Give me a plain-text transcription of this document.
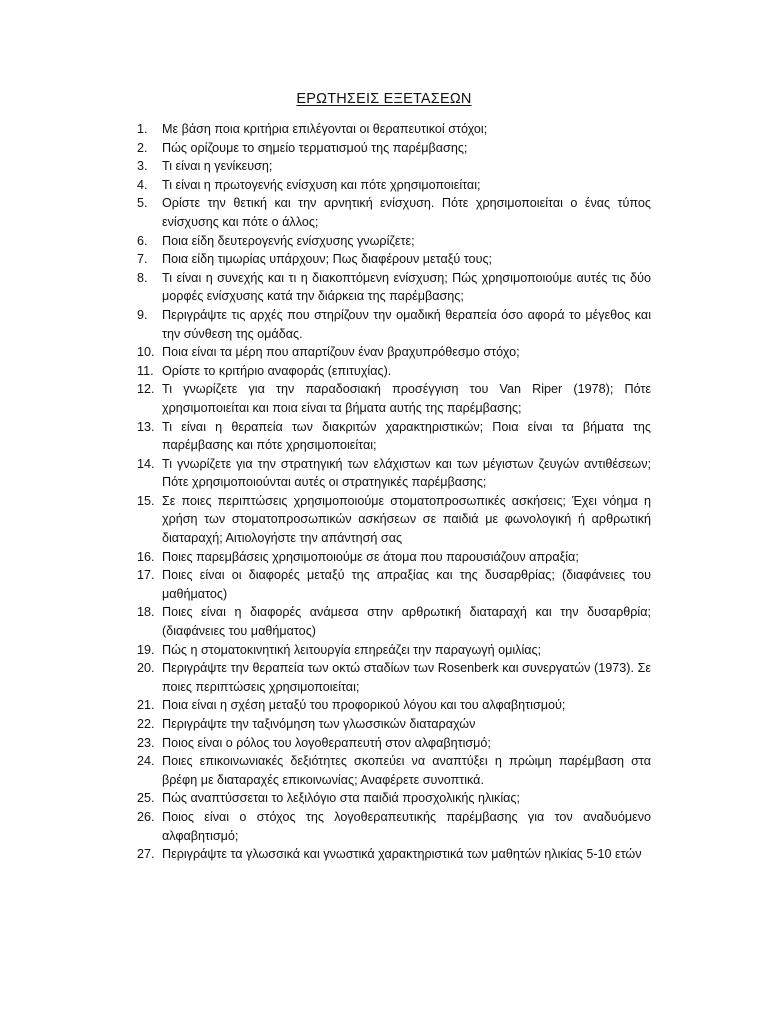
ΕΡΩΤΗΣΕΙΣ ΕΞΕΤΑΣΕΩΝ
1.	Με βάση ποια κριτήρια επιλέγονται οι θεραπευτικοί στόχοι;
2.	Πώς ορίζουμε το σημείο τερματισμού της παρέμβασης;
3.	Τι είναι η γενίκευση;
4.	Τι είναι η πρωτογενής ενίσχυση και πότε χρησιμοποιείται;
5.	Ορίστε την θετική και την αρνητική ενίσχυση. Πότε χρησιμοποιείται ο ένας τύπος ενίσχυσης και πότε ο άλλος;
6.	Ποια είδη δευτερογενής ενίσχυσης γνωρίζετε;
7.	Ποια είδη τιμωρίας υπάρχουν; Πως διαφέρουν μεταξύ τους;
8.	Τι είναι η συνεχής και τι η διακοπτόμενη ενίσχυση; Πώς χρησιμοποιούμε αυτές τις δύο μορφές ενίσχυσης κατά την διάρκεια της παρέμβασης;
9.	Περιγράψτε τις αρχές που στηρίζουν την ομαδική θεραπεία όσο αφορά το μέγεθος και την σύνθεση της ομάδας.
10. Ποια είναι τα μέρη που απαρτίζουν έναν βραχυπρόθεσμο στόχο;
11. Ορίστε το κριτήριο αναφοράς (επιτυχίας).
12. Τι γνωρίζετε για την παραδοσιακή προσέγγιση του Van Riper (1978); Πότε χρησιμοποιείται και ποια είναι τα βήματα αυτής της παρέμβασης;
13. Τι είναι η θεραπεία των διακριτών χαρακτηριστικών; Ποια είναι τα βήματα της παρέμβασης και πότε χρησιμοποιείται;
14. Τι γνωρίζετε για την στρατηγική των ελάχιστων και των μέγιστων ζευγών αντιθέσεων; Πότε χρησιμοποιούνται αυτές οι στρατηγικές παρέμβασης;
15. Σε ποιες περιπτώσεις χρησιμοποιούμε στοματοπροσωπικές ασκήσεις; Έχει νόημα η χρήση των στοματοπροσωπικών ασκήσεων σε παιδιά με φωνολογική ή αρθρωτική διαταραχή; Αιτιολογήστε την απάντησή σας
16. Ποιες παρεμβάσεις χρησιμοποιούμε σε άτομα που παρουσιάζουν απραξία;
17. Ποιες είναι οι διαφορές μεταξύ της απραξίας και της δυσαρθρίας; (διαφάνειες του μαθήματος)
18. Ποιες είναι η διαφορές ανάμεσα στην αρθρωτική διαταραχή και την δυσαρθρία; (διαφάνειες του μαθήματος)
19. Πώς η στοματοκινητική λειτουργία επηρεάζει την παραγωγή ομιλίας;
20. Περιγράψτε την θεραπεία των οκτώ σταδίων των Rosenberk και συνεργατών (1973). Σε ποιες περιπτώσεις χρησιμοποιείται;
21. Ποια είναι η σχέση μεταξύ του προφορικού λόγου και του αλφαβητισμού;
22. Περιγράψτε την ταξινόμηση των γλωσσικών διαταραχών
23. Ποιος είναι ο ρόλος του λογοθεραπευτή στον αλφαβητισμό;
24. Ποιες επικοινωνιακές δεξιότητες σκοπεύει να αναπτύξει η πρώιμη παρέμβαση στα βρέφη με διαταραχές επικοινωνίας; Αναφέρετε συνοπτικά.
25. Πώς αναπτύσσεται το λεξιλόγιο στα παιδιά προσχολικής ηλικίας;
26. Ποιος είναι ο στόχος της λογοθεραπευτικής παρέμβασης για τον αναδυόμενο αλφαβητισμό;
27. Περιγράψτε τα γλωσσικά και γνωστικά χαρακτηριστικά των μαθητών ηλικίας 5-10 ετών
